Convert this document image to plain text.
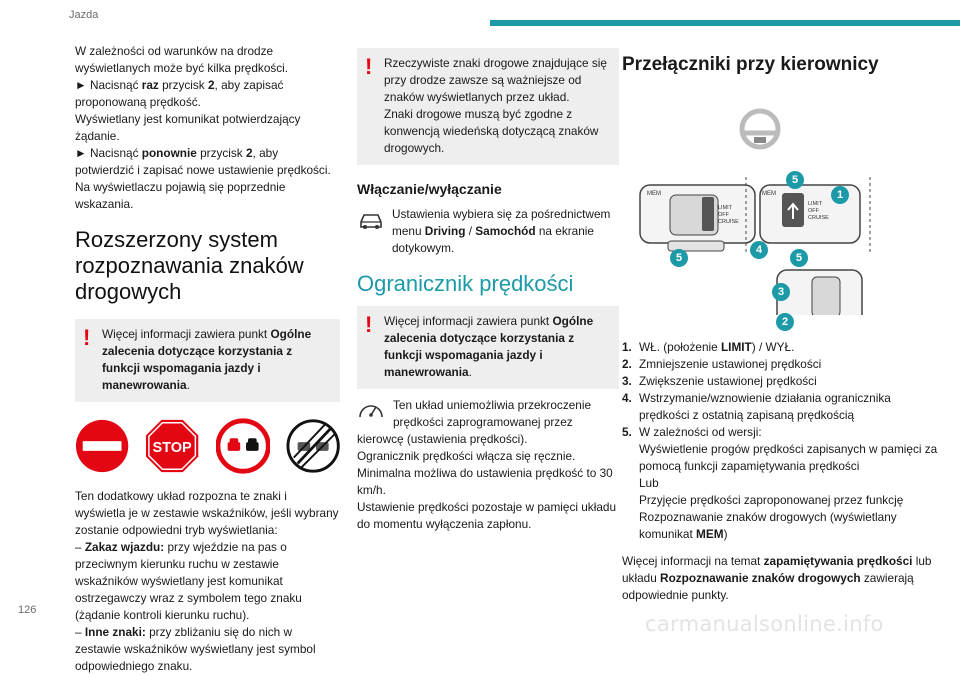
Jazda

W zależności od warunków na drodze wyświetlanych może być kilka prędkości.

► Nacisnąć raz przycisk 2, aby zapisać proponowaną prędkość.

Wyświetlany jest komunikat potwierdzający żądanie.

► Nacisnąć ponownie przycisk 2, aby potwierdzić i zapisać nowe ustawienie prędkości.

Na wyświetlaczu pojawią się poprzednie wskazania.

Rozszerzony system rozpoznawania znaków drogowych
! Więcej informacji zawiera punkt Ogólne zalecenia dotyczące korzystania z funkcji wspomagania jazdy i manewrowania.
STOP

Ten dodatkowy układ rozpozna te znaki i wyświetla je w zestawie wskaźników, jeśli wybrany zostanie odpowiedni tryb wyświetlania:

– Zakaz wjazdu: przy wjeździe na pas o przeciwnym kierunku ruchu w zestawie wskaźników wyświetlany jest komunikat ostrzegawczy wraz z symbolem tego znaku (żądanie kontroli kierunku ruchu).

– Inne znaki: przy zbliżaniu się do nich w zestawie wskaźników wyświetlany jest symbol odpowiedniego znaku.

! Rzeczywiste znaki drogowe znajdujące się przy drodze zawsze są ważniejsze od znaków wyświetlanych przez układ.

Znaki drogowe muszą być zgodne z konwencją wiedeńską dotyczącą znaków drogowych.

Włączanie/wyłączanie
Ustawienia wybiera się za pośrednictwem menu Driving / Samochód na ekranie dotykowym.
Ogranicznik prędkości
! Więcej informacji zawiera punkt Ogólne zalecenia dotyczące korzystania z funkcji wspomagania jazdy i manewrowania.

Ten układ uniemożliwia przekroczenie prędkości zaprogramowanej przez kierowcę (ustawienia prędkości).

Ogranicznik prędkości włącza się ręcznie.

Minimalna możliwa do ustawienia prędkość to 30 km/h.

Ustawienie prędkości pozostaje w pamięci układu do momentu wyłączenia zapłonu.

Przełączniki przy kierownicy
MEM	MEM
LIMIT
OFF
CRUISE
LIMIT
OFF
CRUISE
5
1
4
5	5
3
2
1. WŁ. (położenie LIMIT) / WYŁ.
2. Zmniejszenie ustawionej prędkości
3. Zwiększenie ustawionej prędkości
4. Wstrzymanie/wznowienie działania ogranicznika prędkości z ostatnią zapisaną prędkością
5. W zależności od wersji:
Wyświetlenie progów prędkości zapisanych w pamięci za pomocą funkcji zapamiętywania prędkości
Lub
Przyjęcie prędkości zaproponowanej przez funkcję Rozpoznawanie znaków drogowych (wyświetlany komunikat MEM)

Więcej informacji na temat zapamiętywania prędkości lub układu Rozpoznawanie znaków drogowych zawierają odpowiednie punkty.

126
carmanualsonline.info
